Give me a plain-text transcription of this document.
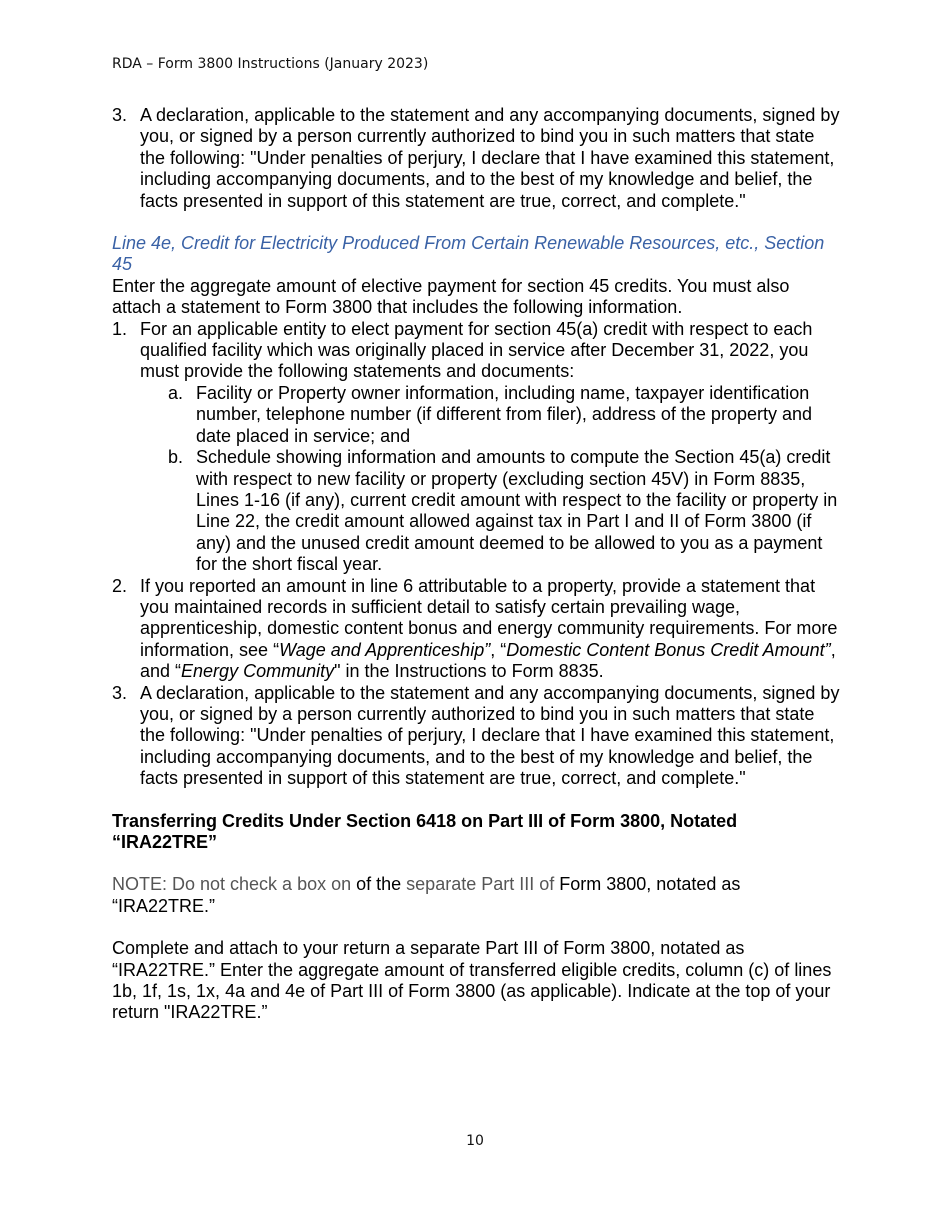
RDA – Form 3800 Instructions (January 2023)
3. A declaration, applicable to the statement and any accompanying documents, signed by you, or signed by a person currently authorized to bind you in such matters that state the following: "Under penalties of perjury, I declare that I have examined this statement, including accompanying documents, and to the best of my knowledge and belief, the facts presented in support of this statement are true, correct, and complete."
Line 4e, Credit for Electricity Produced From Certain Renewable Resources, etc., Section 45

Enter the aggregate amount of elective payment for section 45 credits. You must also attach a statement to Form 3800 that includes the following information.

1. For an applicable entity to elect payment for section 45(a) credit with respect to each qualified facility which was originally placed in service after December 31, 2022, you must provide the following statements and documents:
a. Facility or Property owner information, including name, taxpayer identification number, telephone number (if different from filer), address of the property and date placed in service; and
b. Schedule showing information and amounts to compute the Section 45(a) credit with respect to new facility or property (excluding section 45V) in Form 8835, Lines 1-16 (if any), current credit amount with respect to the facility or property in Line 22, the credit amount allowed against tax in Part I and II of Form 3800 (if any) and the unused credit amount deemed to be allowed to you as a payment for the short fiscal year.
2. If you reported an amount in line 6 attributable to a property, provide a statement that you maintained records in sufficient detail to satisfy certain prevailing wage, apprenticeship, domestic content bonus and energy community requirements. For more information, see “Wage and Apprenticeship”, “Domestic Content Bonus Credit Amount”, and “Energy Community" in the Instructions to Form 8835.
3. A declaration, applicable to the statement and any accompanying documents, signed by you, or signed by a person currently authorized to bind you in such matters that state the following: "Under penalties of perjury, I declare that I have examined this statement, including accompanying documents, and to the best of my knowledge and belief, the facts presented in support of this statement are true, correct, and complete."

Transferring Credits Under Section 6418 on Part III of Form 3800, Notated “IRA22TRE”

NOTE: Do not check a box on of the separate Part III of Form 3800, notated as “IRA22TRE.”

Complete and attach to your return a separate Part III of Form 3800, notated as “IRA22TRE.” Enter the aggregate amount of transferred eligible credits, column (c) of lines 1b, 1f, 1s, 1x, 4a and 4e of Part III of Form 3800 (as applicable). Indicate at the top of your return "IRA22TRE.”

10
